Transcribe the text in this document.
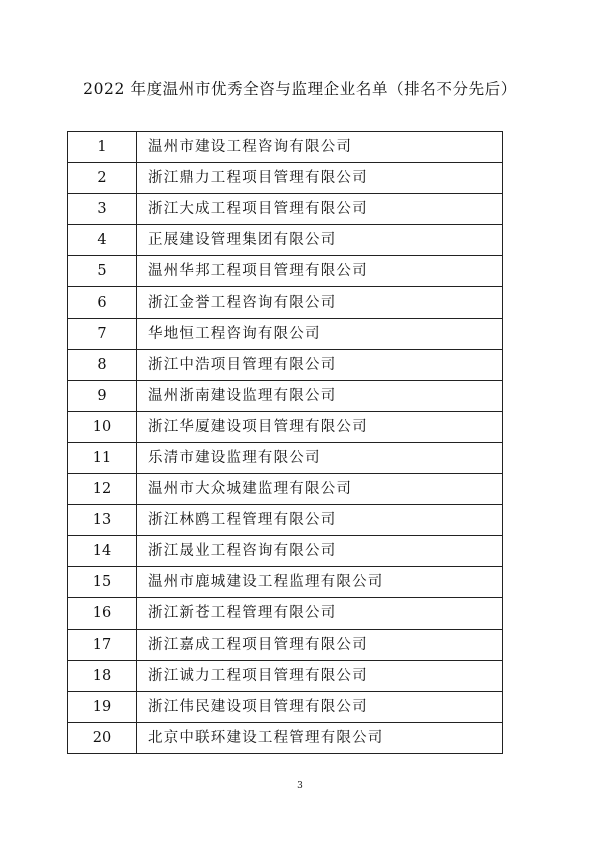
2022 年度温州市优秀全咨与监理企业名单（排名不分先后）
1	温州市建设工程咨询有限公司
2	浙江鼎力工程项目管理有限公司
3	浙江大成工程项目管理有限公司
4	正展建设管理集团有限公司
5	温州华邦工程项目管理有限公司
6	浙江金誉工程咨询有限公司
7	华地恒工程咨询有限公司
8	浙江中浩项目管理有限公司
9	温州浙南建设监理有限公司
10	浙江华厦建设项目管理有限公司
11	乐清市建设监理有限公司
12	温州市大众城建监理有限公司
13	浙江林鸥工程管理有限公司
14	浙江晟业工程咨询有限公司
15	温州市鹿城建设工程监理有限公司
16	浙江新苍工程管理有限公司
17	浙江嘉成工程项目管理有限公司
18	浙江诚力工程项目管理有限公司
19	浙江伟民建设项目管理有限公司
20	北京中联环建设工程管理有限公司
3
